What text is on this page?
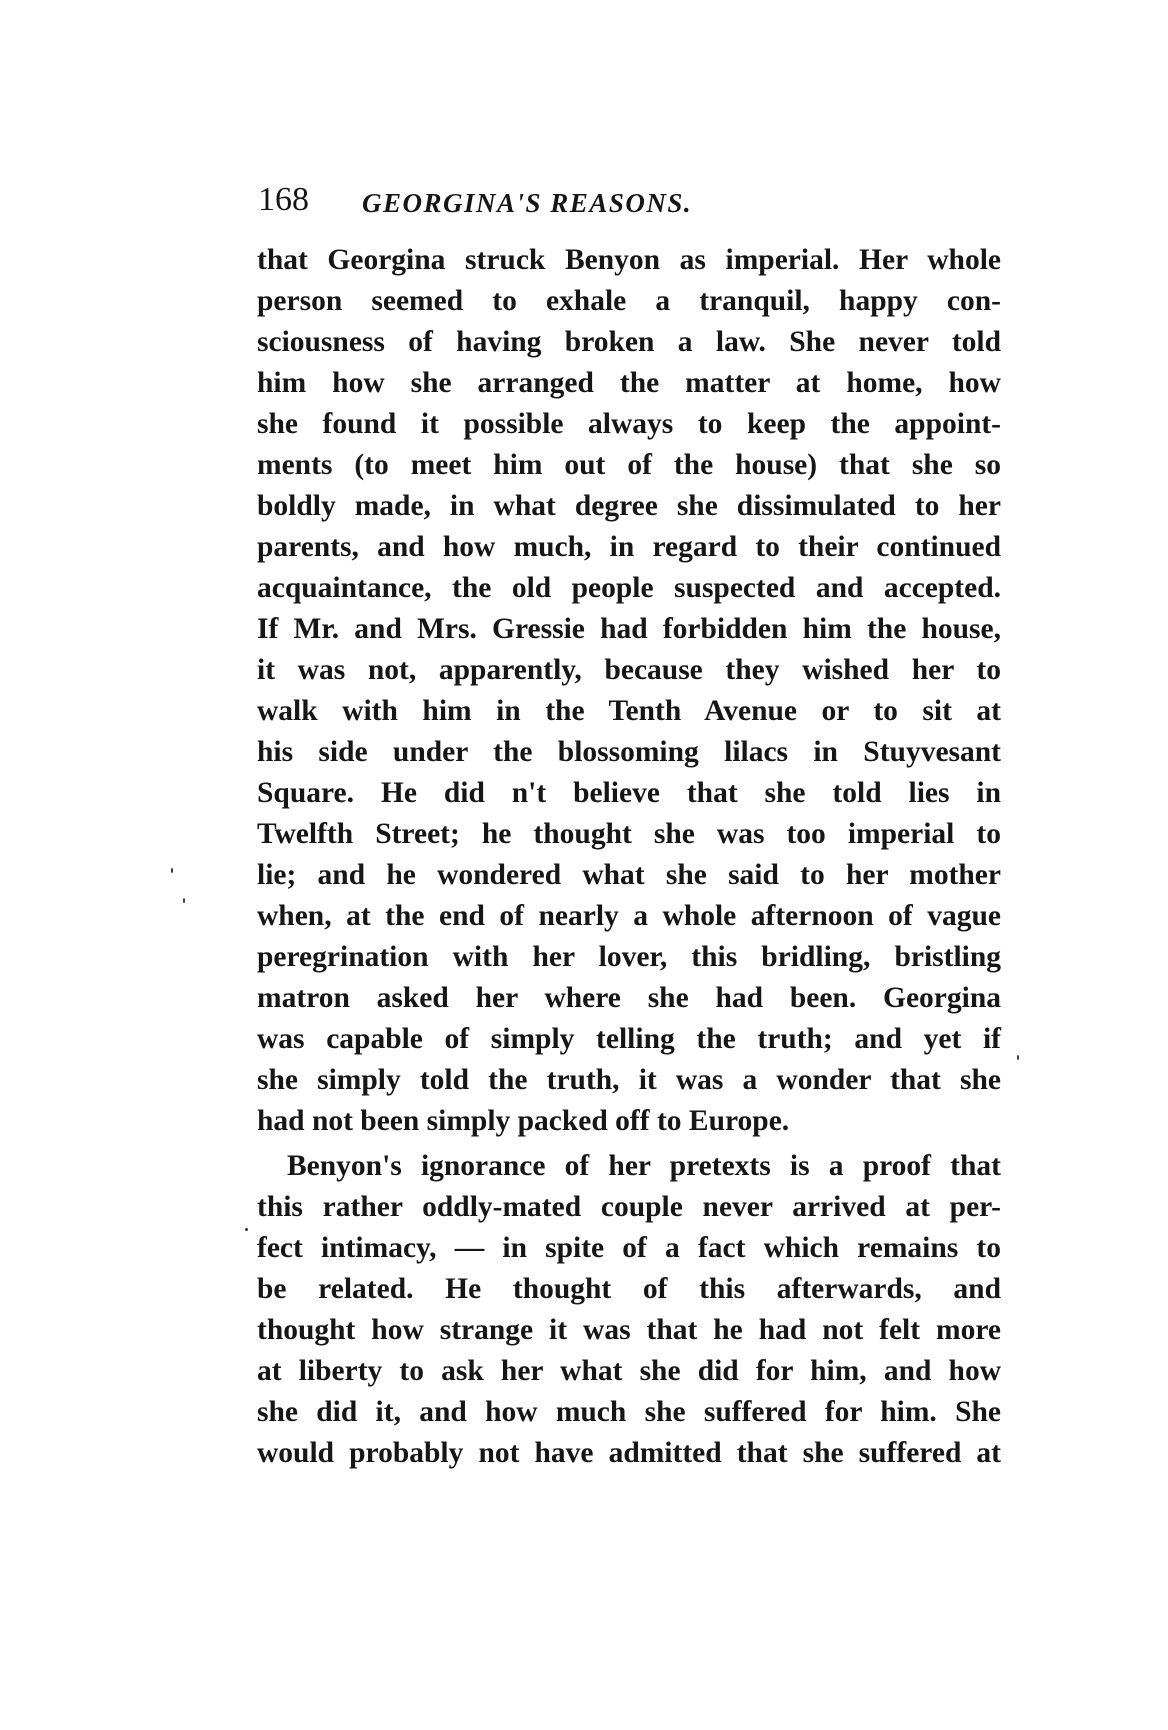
168 GEORGINA'S REASONS.
that Georgina struck Benyon as imperial. Her whole
person seemed to exhale a tranquil, happy con-
sciousness of having broken a law. She never told
him how she arranged the matter at home, how
she found it possible always to keep the appoint-
ments (to meet him out of the house) that she so
boldly made, in what degree she dissimulated to her
parents, and how much, in regard to their continued
acquaintance, the old people suspected and accepted.
If Mr. and Mrs. Gressie had forbidden him the house,
it was not, apparently, because they wished her to
walk with him in the Tenth Avenue or to sit at
his side under the blossoming lilacs in Stuyvesant
Square. He did n't believe that she told lies in
Twelfth Street; he thought she was too imperial to
lie; and he wondered what she said to her mother
when, at the end of nearly a whole afternoon of vague
peregrination with her lover, this bridling, bristling
matron asked her where she had been. Georgina
was capable of simply telling the truth; and yet if
she simply told the truth, it was a wonder that she
had not been simply packed off to Europe.
Benyon's ignorance of her pretexts is a proof that
this rather oddly-mated couple never arrived at per-
fect intimacy, — in spite of a fact which remains to
be related. He thought of this afterwards, and
thought how strange it was that he had not felt more
at liberty to ask her what she did for him, and how
she did it, and how much she suffered for him. She
would probably not have admitted that she suffered at
